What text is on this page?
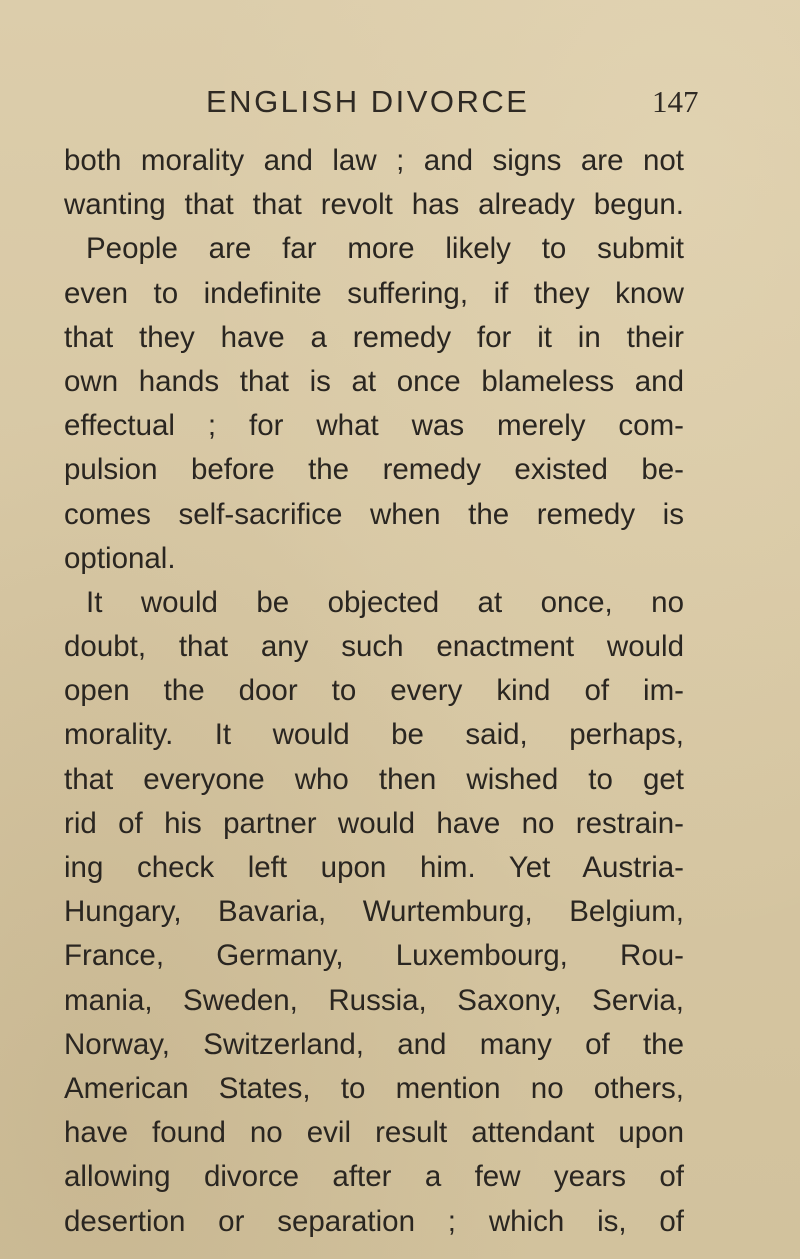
ENGLISH DIVORCE	147
both morality and law ; and signs are not
wanting that that revolt has already begun.
People are far more likely to submit
even to indefinite suffering, if they know
that they have a remedy for it in their
own hands that is at once blameless and
effectual ; for what was merely com-
pulsion before the remedy existed be-
comes self-sacrifice when the remedy is
optional.
It would be objected at once, no
doubt, that any such enactment would
open the door to every kind of im-
morality. It would be said, perhaps,
that everyone who then wished to get
rid of his partner would have no restrain-
ing check left upon him. Yet Austria-
Hungary, Bavaria, Wurtemburg, Belgium,
France, Germany, Luxembourg, Rou-
mania, Sweden, Russia, Saxony, Servia,
Norway, Switzerland, and many of the
American States, to mention no others,
have found no evil result attendant upon
allowing divorce after a few years of
desertion or separation ; which is, of
